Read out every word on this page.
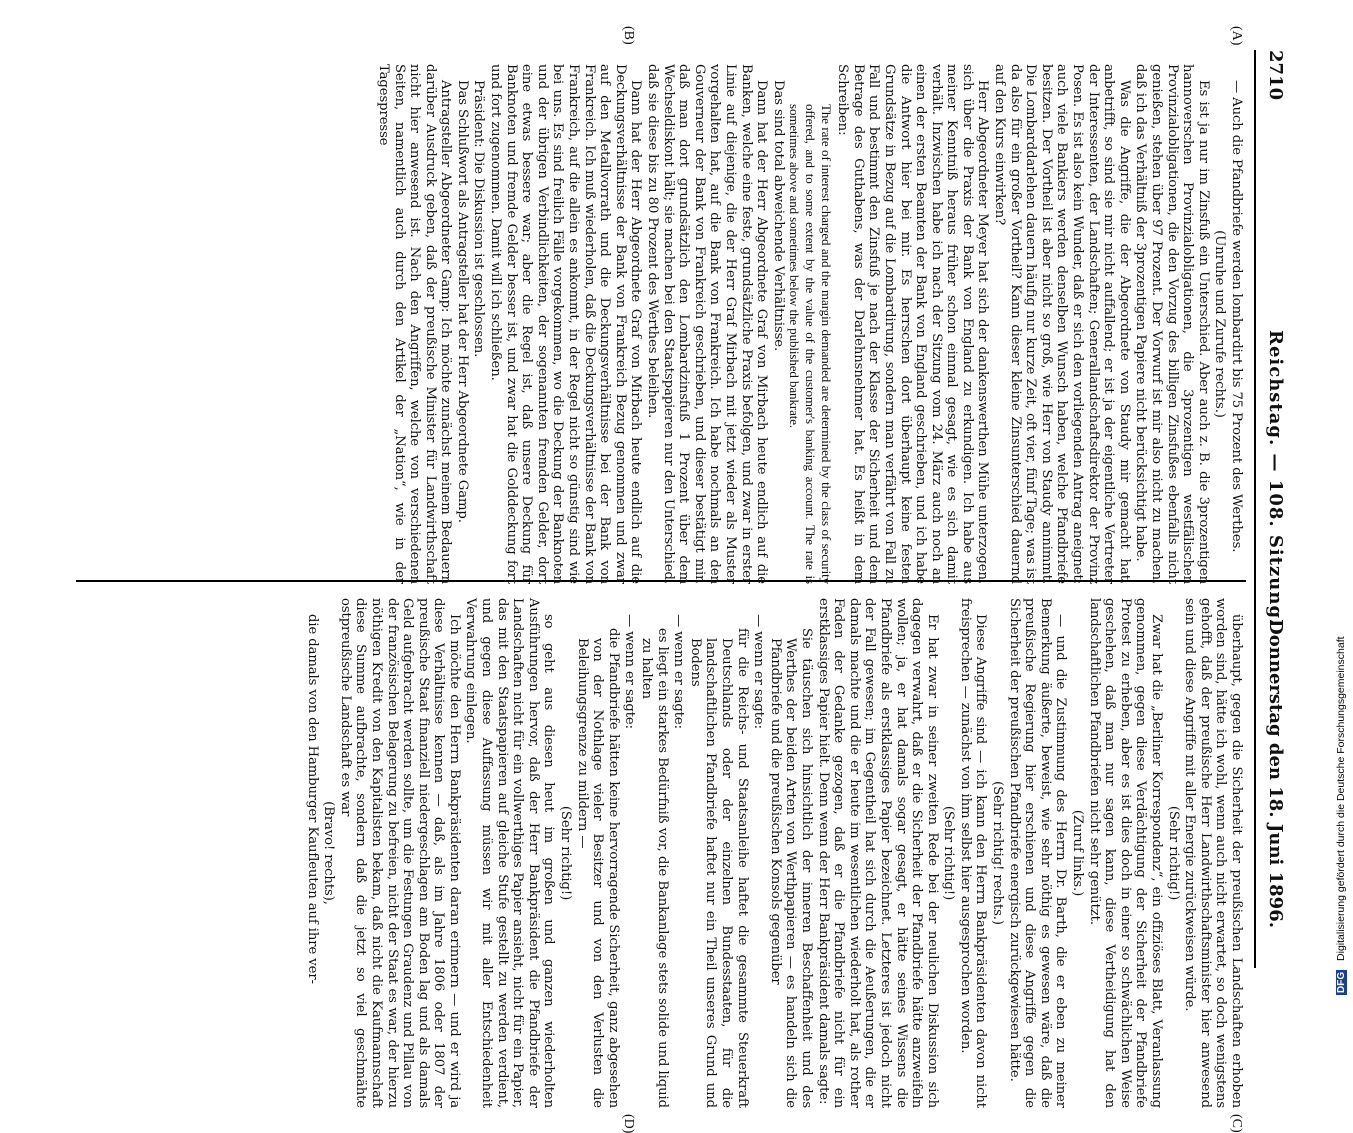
2710
Reichstag. — 108. Sitzung.
Donnerstag den 18. Juni 1896.
(A)
(B)
(C)
(D)

— Auch die Pfandbriefe werden lombardirt bis 75 Prozent des Werthes.

(Unruhe und Zurufe rechts.)

Es ist ja nur im Zinsfuß ein Unterschied. Aber auch z. B. die 3prozentigen hannoverschen Provinzialobligationen, die 3prozentigen westfälischen Provinzialobligationen, die den Vorzug des billigen Zinsfußes ebenfalls nicht genießen, stehen über 97 Prozent. Der Vorwurf ist mir also nicht zu machen, daß ich das Verhältniß der 3prozentigen Papiere nicht berücksichtigt habe.

Was die Angriffe, die der Abgeordnete von Staudy mir gemacht hat, anbetrifft, so sind sie mir nicht auffallend; er ist ja der eigentliche Vertreter der Interessenten, der Landschaften; Generallandschaftsdirektor der Provinz Posen. Es ist also kein Wunder, daß er sich den vorliegenden Antrag aneignet: auch viele Bankiers werden denselben Wunsch haben, welche Pfandbriefe besitzen. Der Vortheil ist aber nicht so groß, wie Herr von Staudy annimmt. Die Lombarddarlehen dauern häufig nur kurze Zeit, oft vier, fünf Tage; was ist da also für ein großer Vortheil? Kann dieser kleine Zinsunterschied dauernd auf den Kurs einwirken?

Herr Abgeordneter Meyer hat sich der dankenswerthen Mühe unterzogen, sich über die Praxis der Bank von England zu erkundigen. Ich habe aus meiner Kenntniß heraus früher schon einmal gesagt, wie es sich damit verhält. Inzwischen habe ich nach der Sitzung vom 24. März auch noch an einen der ersten Beamten der Bank von England geschrieben, und ich habe die Antwort hier bei mir. Es herrschen dort überhaupt keine festen Grundsätze in Bezug auf die Lombardirung, sondern man verfährt von Fall zu Fall und bestimmt den Zinsfuß je nach der Klasse der Sicherheit und dem Betrage des Guthabens, was der Darlehnsnehmer hat. Es heißt in dem Schreiben:

The rate of interest charged and the margin demanded are determined by the class of security offered, and to some extent by the value of the customer's banking account. The rate is sometimes above and sometimes below the published bankrate.

Das sind total abweichende Verhältnisse.

Dann hat der Herr Abgeordnete Graf von Mirbach heute endlich auf die Banken, welche eine feste, grundsätzliche Praxis befolgen, und zwar in erster Linie auf diejenige, die der Herr Graf Mirbach mit jetzt wieder als Muster vorgehalten hat, auf die Bank von Frankreich. Ich habe nochmals an den Gouverneur der Bank von Frankreich geschrieben, und dieser bestätigt mir, daß man dort grundsätzlich den Lombardzinsfuß 1 Prozent über dem Wechseldiskont hält; sie machen bei den Staatspapieren nur den Unterschied, daß sie diese bis zu 80 Prozent des Werthes beleihen.

Dann hat der Herr Abgeordnete Graf von Mirbach heute endlich auf die Deckungsverhältnisse der Bank von Frankreich Bezug genommen und zwar auf den Metallvorrath und die Deckungsverhältnisse bei der Bank von Frankreich. Ich muß wiederholen, daß die Deckungsverhältnisse der Bank von Frankreich, auf die allein es ankommt, in der Regel nicht so günstig sind wie bei uns. Es sind freilich Fälle vorgekommen, wo die Deckung der Banknoten und der übrigen Verbindlichkeiten, der sogenannten fremden Gelder, dort eine etwas bessere war; aber die Regel ist, daß unsere Deckung für Banknoten und fremde Gelder besser ist, und zwar hat die Golddeckung fort und fort zugenommen. Damit will ich schließen.

Präsident: Die Diskussion ist geschlossen.

Das Schlußwort als Antragsteller hat der Herr Abgeordnete Gamp.

Antragsteller Abgeordneter Gamp: Ich möchte zunächst meinem Bedauern darüber Ausdruck geben, daß der preußische Minister für Landwirthschaft nicht hier anwesend ist. Nach den Angriffen, welche von verschiedenen Seiten, namentlich auch durch den Artikel der „Nation“, wie in der Tagespresse

überhaupt, gegen die Sicherheit der preußischen Landschaften erhoben worden sind, hätte ich wohl, wenn auch nicht erwartet, so doch wenigstens gehofft, daß der preußische Herr Landwirthschaftsminister hier anwesend sein und diese Angriffe mit aller Energie zurückweisen würde.

(Sehr richtig!)

Zwar hat die „Berliner Korrespondenz“, ein offiziöses Blatt, Veranlassung genommen, gegen diese Verdächtigung der Sicherheit der Pfandbriefe Protest zu erheben, aber es ist dies doch in einer so schwächlichen Weise geschehen, daß man nur sagen kann, diese Vertheidigung hat den landschaftlichen Pfandbriefen nicht sehr genützt.

(Zuruf links.)

— und die Zustimmung des Herrn Dr. Barth, die er eben zu meiner Bemerkung äußerte, beweist, wie sehr nöthig es gewesen wäre, daß die preußische Regierung hier erschienen und diese Angriffe gegen die Sicherheit der preußischen Pfandbriefe energisch zurückgewiesen hätte.

(Sehr richtig! rechts.)

Diese Angriffe sind — ich kann den Herrn Bankpräsidenten davon nicht freisprechen — zunächst von ihm selbst hier ausgesprochen worden.

(Sehr richtig!)

Er hat zwar in seiner zweiten Rede bei der neulichen Diskussion sich dagegen verwahrt, daß er die Sicherheit der Pfandbriefe hätte anzweifeln wollen; ja, er hat damals sogar gesagt, er hätte seines Wissens die Pfandbriefe als erstklassiges Papier bezeichnet. Letzteres ist jedoch nicht der Fall gewesen; im Gegentheil hat sich durch die Aeußerungen, die er damals machte und die er heute im wesentlichen wiederholt hat, als rother Faden der Gedanke gezogen, daß er die Pfandbriefe nicht für ein erstklassiges Papier hielt. Denn wenn der Herr Bankpräsident damals sagte:

Sie täuschen sich hinsichtlich der inneren Beschaffenheit und des Werthes der beiden Arten von Werthpapieren — es handeln sich die Pfandbriefe und die preußischen Konsols gegenüber

— wenn er sagte:

für die Reichs- und Staatsanleihe haftet die gesammte Steuerkraft Deutschlands oder der einzelnen Bundesstaaten, für die landschaftlichen Pfandbriefe haftet nur ein Theil unseres Grund und Bodens

— wenn er sagte:

es liegt ein starkes Bedürfniß vor, die Bankanlage stets solide und liquid zu halten

— wenn er sagte:

die Pfandbriefe hätten keine hervorragende Sicherheit, ganz abgesehen von der Nothlage vieler Besitzer und von den Verlusten die Beleihungsgrenze zu mildern —

(Sehr richtig!)

so geht aus diesen heut im großen und ganzen wiederholten Ausführungen hervor, daß der Herr Bankpräsident die Pfandbriefe der Landschaften nicht für ein vollwerthiges Papier ansieht, nicht für ein Papier, das mit den Staatspapieren auf gleiche Stufe gestellt zu werden verdient, und gegen diese Auffassung müssen wir mit aller Entschiedenheit Verwahrung einlegen.

Ich möchte den Herrn Bankpräsidenten daran erinnern — und er wird ja diese Verhältnisse kennen — daß, als im Jahre 1806 oder 1807 der preußische Staat finanziell niedergeschlagen am Boden lag und als damals Geld aufgebracht werden sollte, um die Festungen Graudenz und Pillau von der französischen Belagerung zu befreien, nicht der Staat es war, der hierzu nöthigen Kredit von den Kapitalisten bekam, daß nicht die Kaufmannschaft diese Summe aufbrachte, sondern daß die jetzt so viel geschmähte ostpreußische Landschaft es war

(Bravo! rechts),

die damals von den Hamburger Kaufleuten auf ihre ver-	DFG Digitalisierung gefördert durch die Deutsche Forschungsgemeinschaft
